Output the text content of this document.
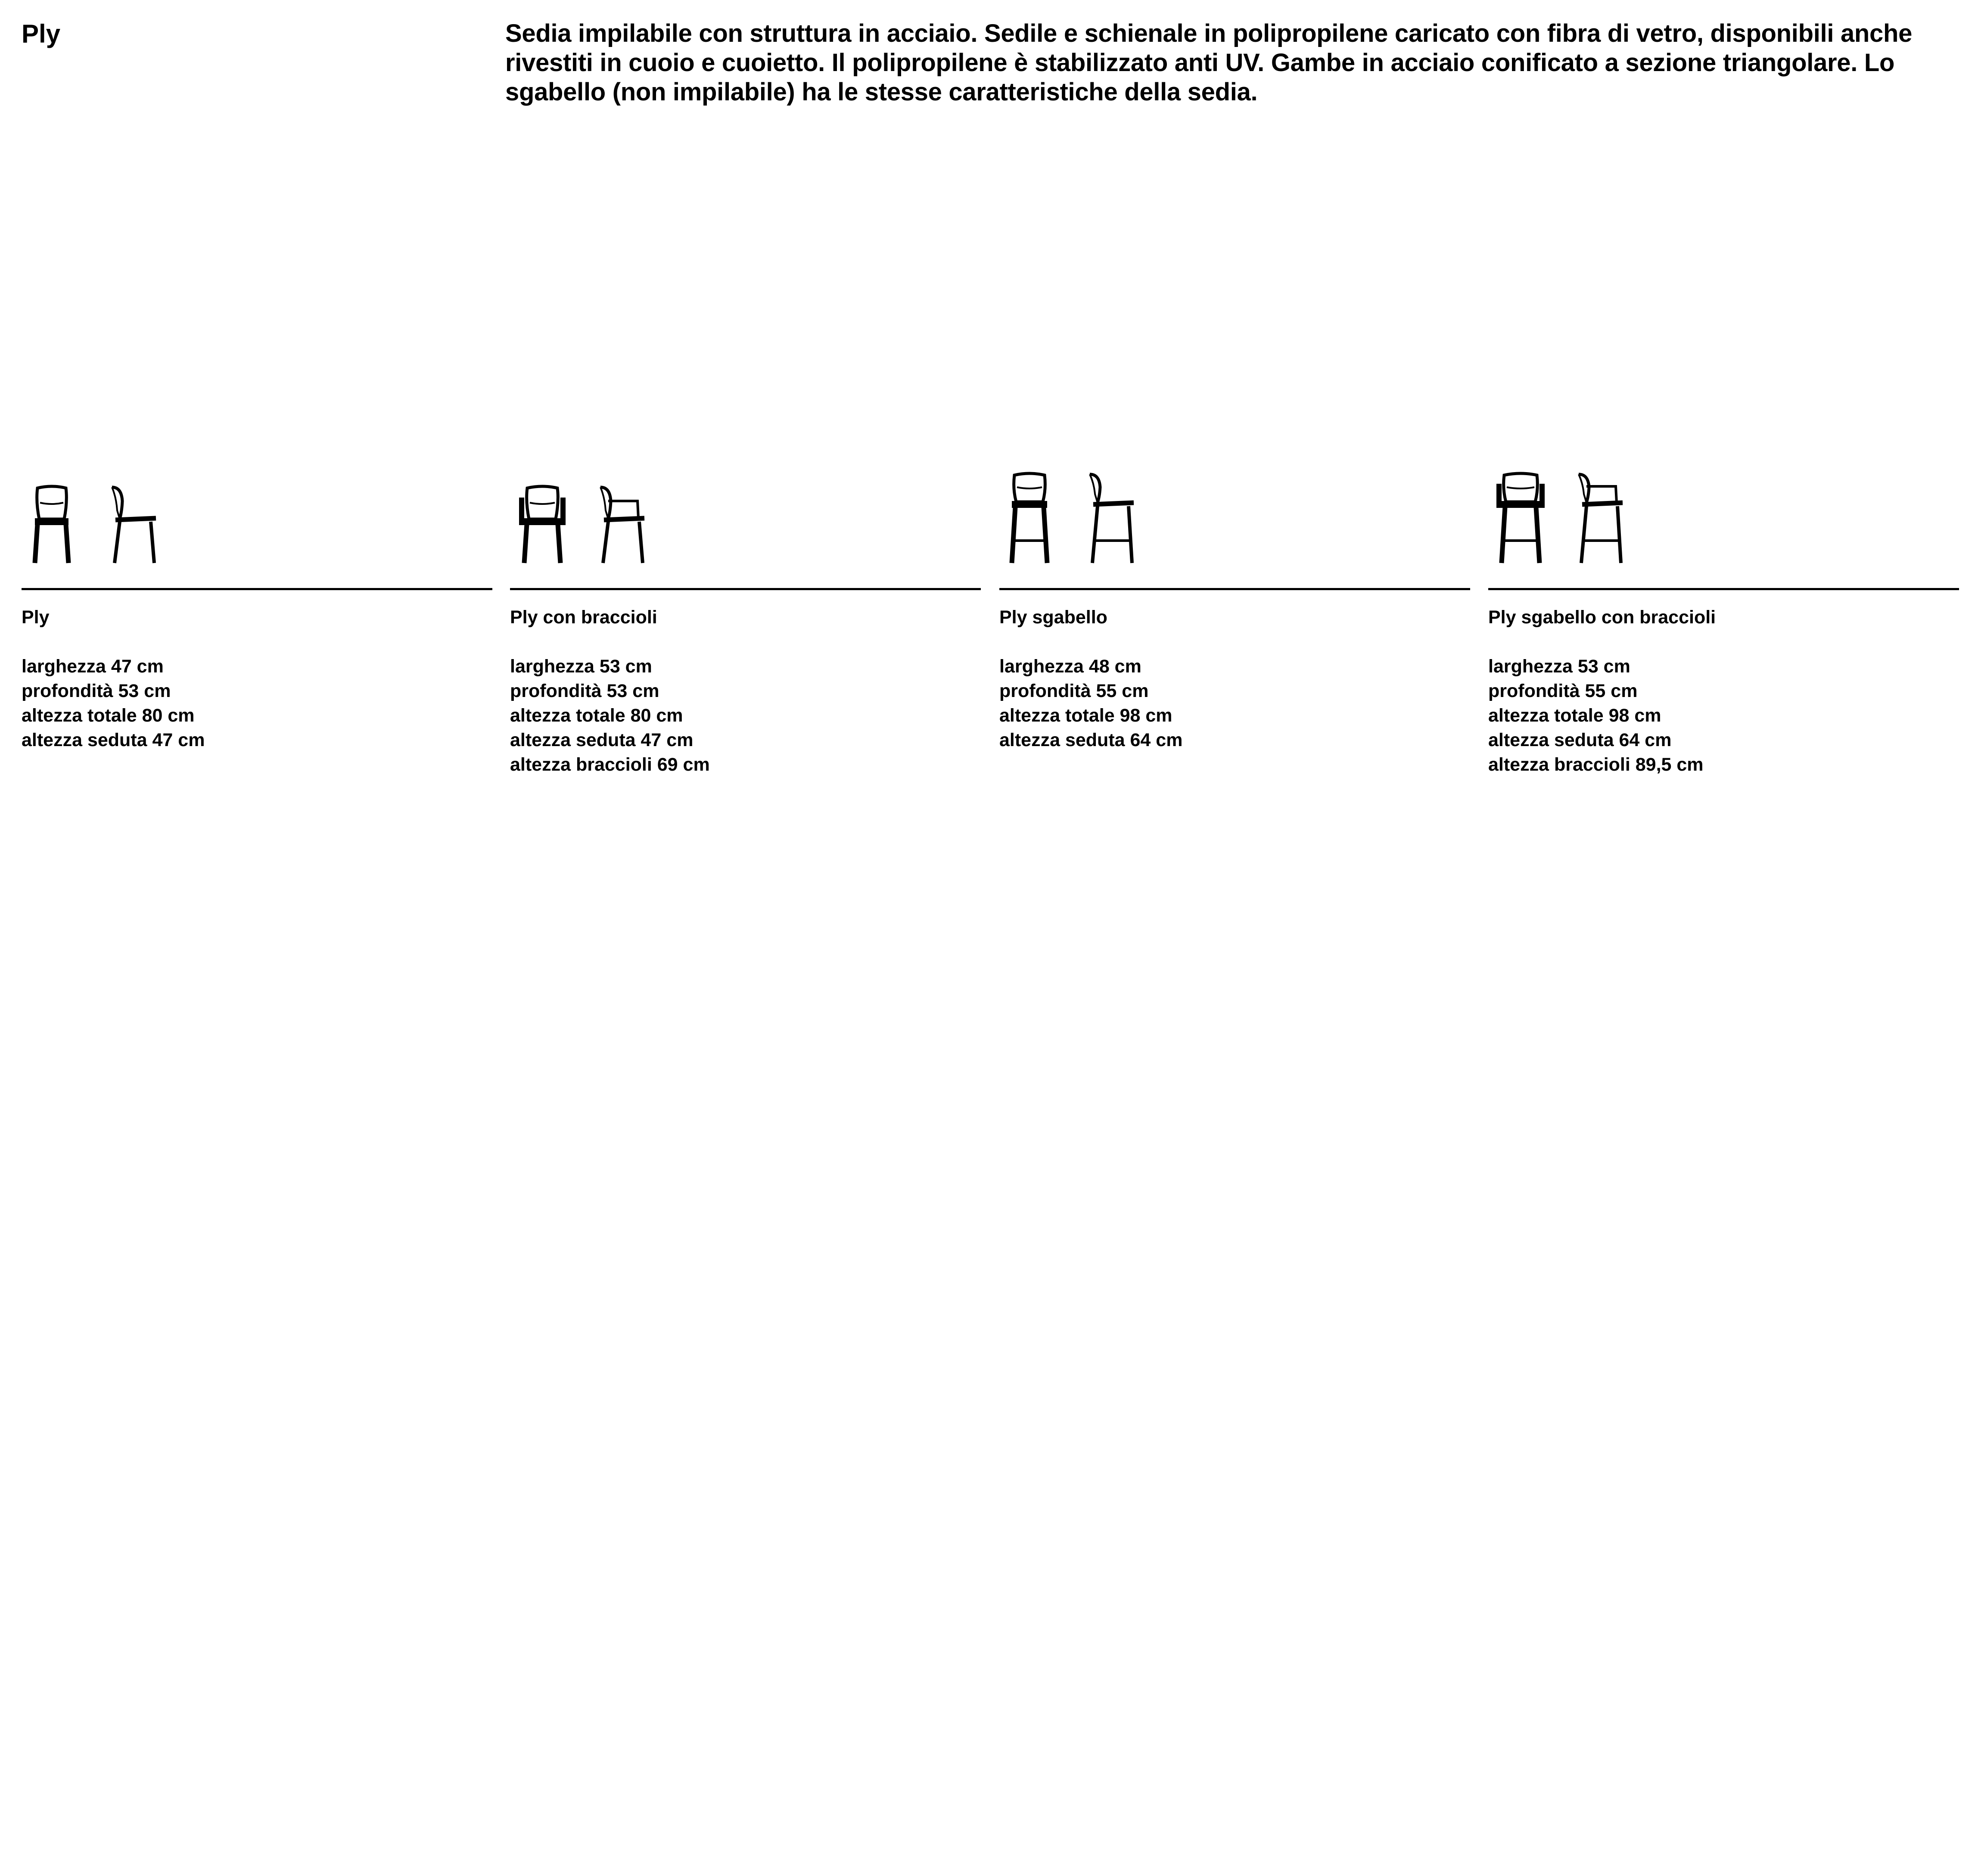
Ply	Sedia impilabile con struttura in acciaio. Sedile e schienale in polipropilene caricato con fibra di vetro, disponibili anche rivestiti in cuoio e cuoietto. Il polipropilene è stabilizzato anti UV. Gambe in acciaio conificato a sezione triangolare. Lo sgabello (non impilabile) ha le stesse caratteristiche della sedia.

Ply
larghezza 47 cm
profondità 53 cm
altezza totale 80 cm
altezza seduta 47 cm
Ply con braccioli
larghezza 53 cm
profondità 53 cm
altezza totale 80 cm
altezza seduta 47 cm
altezza braccioli 69 cm
Ply sgabello
larghezza 48 cm
profondità 55 cm
altezza totale 98 cm
altezza seduta 64 cm
Ply sgabello con braccioli
larghezza 53 cm
profondità 55 cm
altezza totale 98 cm
altezza seduta 64 cm
altezza braccioli 89,5 cm
